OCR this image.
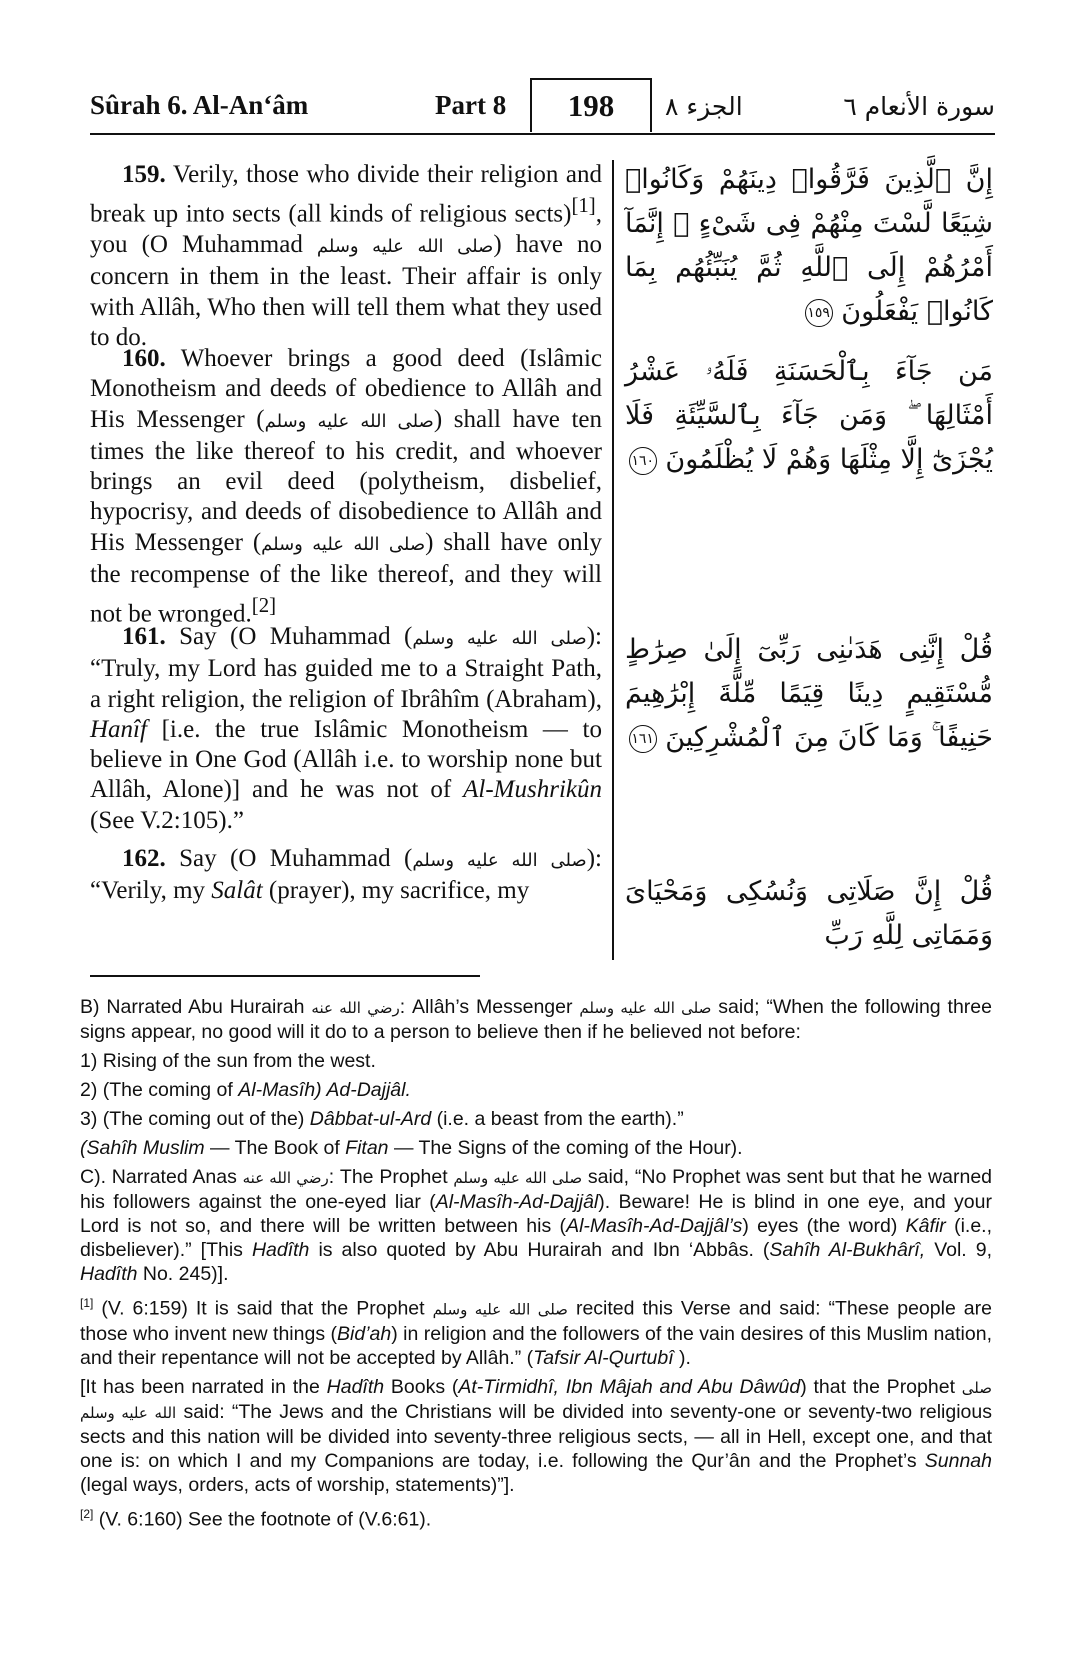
Sûrah 6. Al-An‘âm	Part 8	198	الجزء ٨	سورة الأنعام ٦
159. Verily, those who divide their religion and break up into sects (all kinds of religious sects)[1], you (O Muhammad صلى الله عليه وسلم) have no concern in them in the least. Their affair is only with Allâh, Who then will tell them what they used to do.
إِنَّ ٱلَّذِينَ فَرَّقُوا۟ دِينَهُمْ وَكَانُوا۟ شِيَعًا لَّسْتَ مِنْهُمْ فِى شَىْءٍ ۚ إِنَّمَآ أَمْرُهُمْ إِلَى ٱللَّهِ ثُمَّ يُنَبِّئُهُم بِمَا كَانُوا۟ يَفْعَلُونَ ١٥٩
160. Whoever brings a good deed (Islâmic Monotheism and deeds of obedience to Allâh and His Messenger (صلى الله عليه وسلم) shall have ten times the like thereof to his credit, and whoever brings an evil deed (polytheism, disbelief, hypocrisy, and deeds of disobedience to Allâh and His Messenger (صلى الله عليه وسلم) shall have only the recompense of the like thereof, and they will not be wronged.[2]
مَن جَآءَ بِٱلْحَسَنَةِ فَلَهُۥ عَشْرُ أَمْثَالِهَا ۖ وَمَن جَآءَ بِٱلسَّيِّئَةِ فَلَا يُجْزَىٰٓ إِلَّا مِثْلَهَا وَهُمْ لَا يُظْلَمُونَ ١٦٠
161. Say (O Muhammad (صلى الله عليه وسلم): “Truly, my Lord has guided me to a Straight Path, a right religion, the religion of Ibrâhîm (Abraham), Hanîf [i.e. the true Islâmic Monotheism — to believe in One God (Allâh i.e. to worship none but Allâh, Alone)] and he was not of Al-Mushrikûn (See V.2:105).”
قُلْ إِنَّنِى هَدَىٰنِى رَبِّىٓ إِلَىٰ صِرَٰطٍ مُّسْتَقِيمٍ دِينًا قِيَمًا مِّلَّةَ إِبْرَٰهِيمَ حَنِيفًا ۚ وَمَا كَانَ مِنَ ٱلْمُشْرِكِينَ ١٦١
162. Say (O Muhammad (صلى الله عليه وسلم): “Verily, my Salât (prayer), my sacrifice, my	قُلْ إِنَّ صَلَاتِى وَنُسُكِى وَمَحْيَاىَ وَمَمَاتِى لِلَّهِ رَبِّ

B) Narrated Abu Hurairah رضي الله عنه: Allâh’s Messenger صلى الله عليه وسلم said; “When the following three signs appear, no good will it do to a person to believe then if he believed not before:

1) Rising of the sun from the west.

2) (The coming of Al-Masîh) Ad-Dajjâl.

3) (The coming out of the) Dâbbat-ul-Ard (i.e. a beast from the earth).”

(Sahîh Muslim — The Book of Fitan — The Signs of the coming of the Hour).

C). Narrated Anas رضي الله عنه: The Prophet صلى الله عليه وسلم said, “No Prophet was sent but that he warned his followers against the one-eyed liar (Al-Masîh-Ad-Dajjâl). Beware! He is blind in one eye, and your Lord is not so, and there will be written between his (Al-Masîh-Ad-Dajjâl’s) eyes (the word) Kâfir (i.e., disbeliever).” [This Hadîth is also quoted by Abu Hurairah and Ibn ‘Abbâs. (Sahîh Al-Bukhârî, Vol. 9, Hadîth No. 245)].

[1] (V. 6:159) It is said that the Prophet صلى الله عليه وسلم recited this Verse and said: “These people are those who invent new things (Bid’ah) in religion and the followers of the vain desires of this Muslim nation, and their repentance will not be accepted by Allâh.” (Tafsir Al-Qurtubî ).

[It has been narrated in the Hadîth Books (At-Tirmidhî, Ibn Mâjah and Abu Dâwûd) that the Prophet صلى الله عليه وسلم said: “The Jews and the Christians will be divided into seventy-one or seventy-two religious sects and this nation will be divided into seventy-three religious sects, — all in Hell, except one, and that one is: on which I and my Companions are today, i.e. following the Qur’ân and the Prophet’s Sunnah (legal ways, orders, acts of worship, statements)”].

[2] (V. 6:160) See the footnote of (V.6:61).
